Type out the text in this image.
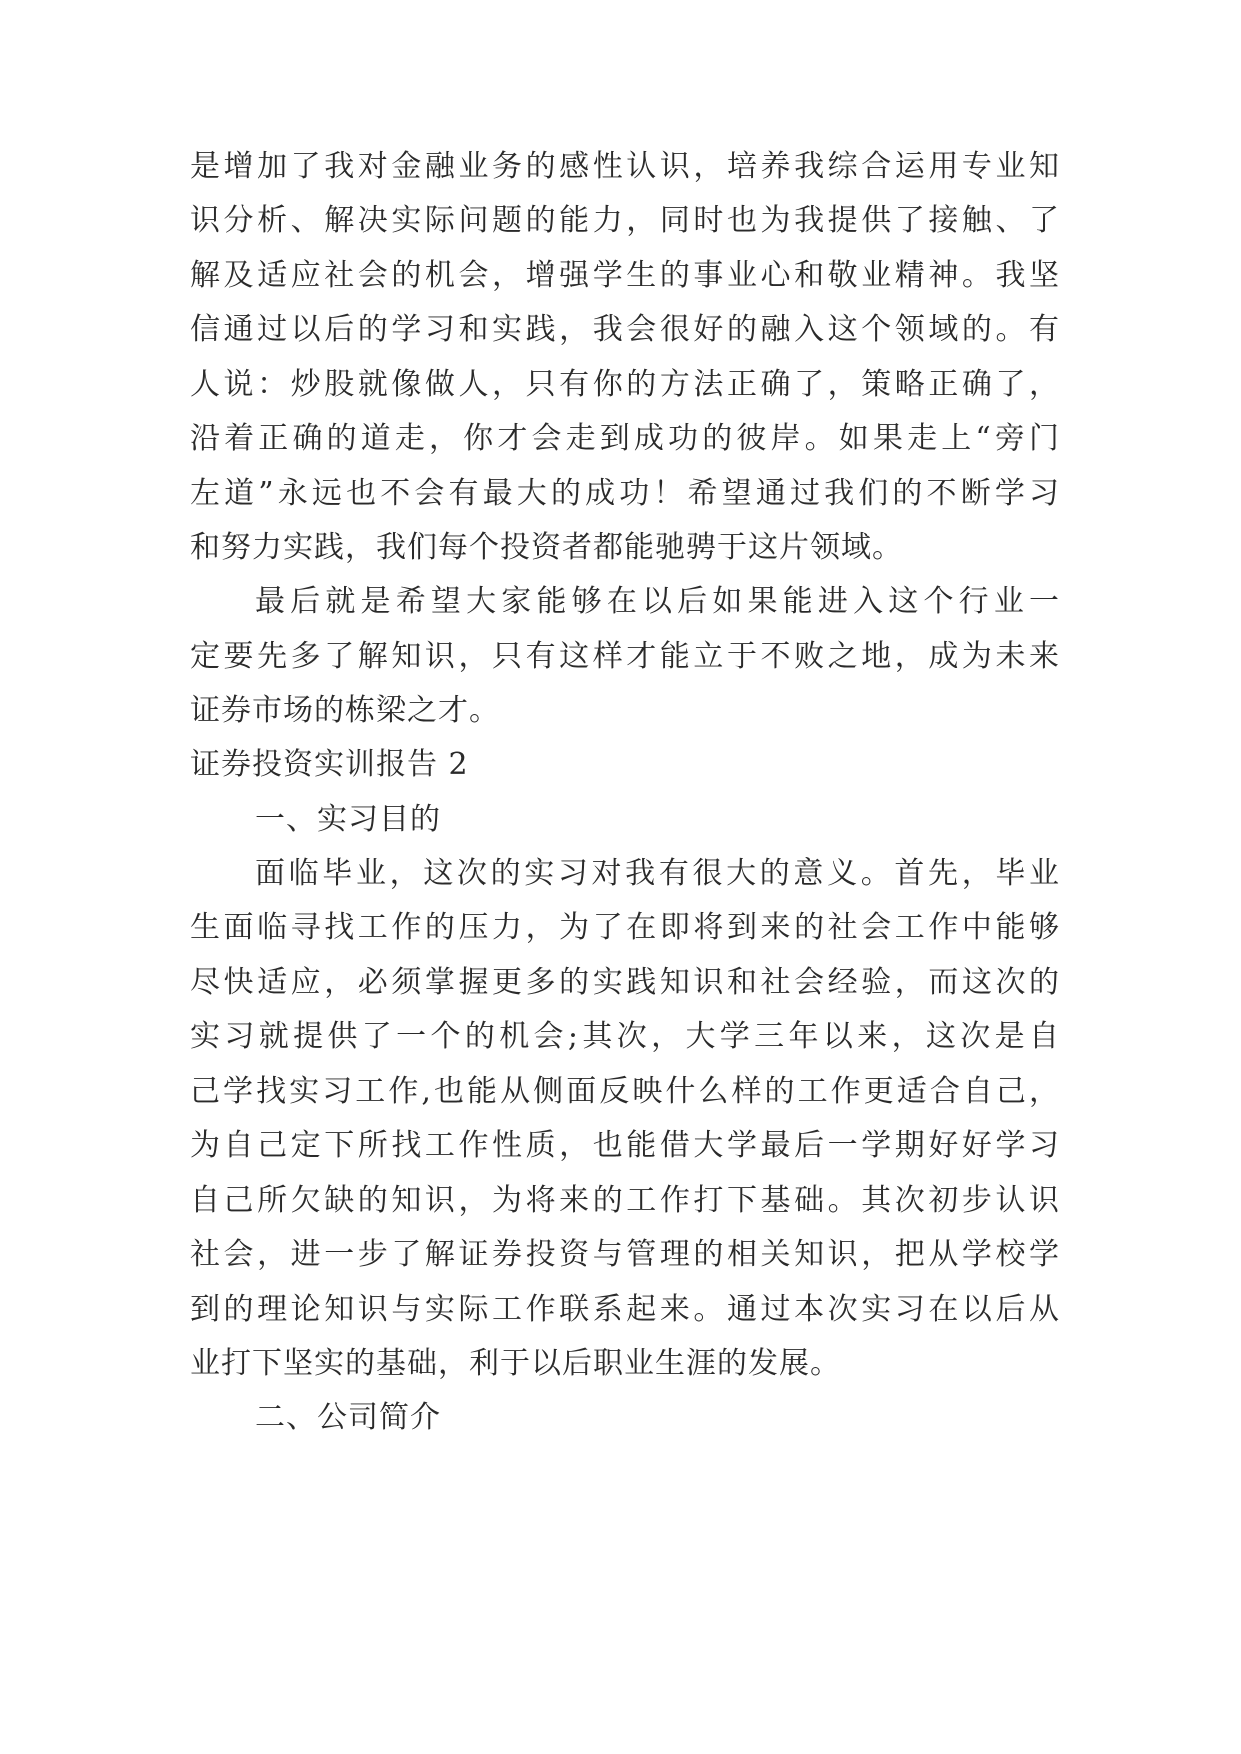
是增加了我对金融业务的感性认识，培养我综合运用专业知

识分析、解决实际问题的能力，同时也为我提供了接触、了

解及适应社会的机会，增强学生的事业心和敬业精神。我坚

信通过以后的学习和实践，我会很好的融入这个领域的。有

人说：炒股就像做人，只有你的方法正确了，策略正确了，

沿着正确的道走，你才会走到成功的彼岸。如果走上“旁门

左道”永远也不会有最大的成功！希望通过我们的不断学习

和努力实践，我们每个投资者都能驰骋于这片领域。

最后就是希望大家能够在以后如果能进入这个行业一

定要先多了解知识，只有这样才能立于不败之地，成为未来

证券市场的栋梁之才。

证券投资实训报告 2

一、实习目的

面临毕业，这次的实习对我有很大的意义。首先，毕业

生面临寻找工作的压力，为了在即将到来的社会工作中能够

尽快适应，必须掌握更多的实践知识和社会经验，而这次的

实习就提供了一个的机会;其次，大学三年以来，这次是自

己学找实习工作,也能从侧面反映什么样的工作更适合自己，

为自己定下所找工作性质，也能借大学最后一学期好好学习

自己所欠缺的知识，为将来的工作打下基础。其次初步认识

社会，进一步了解证券投资与管理的相关知识，把从学校学

到的理论知识与实际工作联系起来。通过本次实习在以后从

业打下坚实的基础，利于以后职业生涯的发展。

二、公司简介
